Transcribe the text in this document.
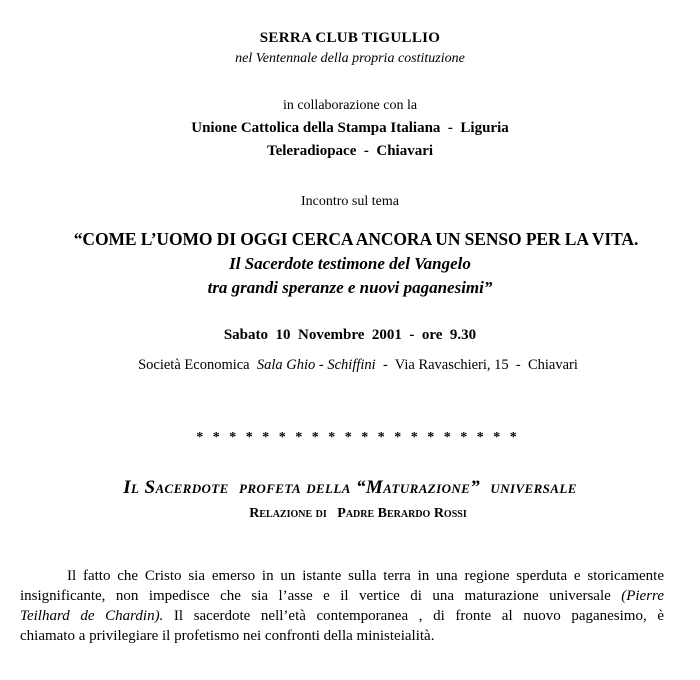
SERRA CLUB TIGULLIO
nel Ventennale della propria costituzione
in collaborazione con la
Unione Cattolica della Stampa Italiana  -  Liguria
Teleradiopace  -  Chiavari
Incontro sul tema
“COME L’UOMO DI OGGI CERCA ANCORA UN SENSO PER LA VITA.
Il Sacerdote testimone del Vangelo
tra grandi speranze e nuovi paganesimi”
Sabato  10  Novembre  2001  -  ore  9.30
Società Economica  Sala Ghio - Schiffini  -  Via Ravaschieri, 15  -  Chiavari
* * * * * * * * * * * * * * * * * * * *
Il Sacerdote  profeta della “Maturazione”  universale
Relazione di   Padre Berardo Rossi
Il fatto che Cristo sia emerso in un istante sulla terra in una regione sperduta e storicamente
insignificante, non impedisce che sia l’asse e il vertice di una maturazione universale (Pierre
Teilhard de Chardin). Il sacerdote nell’età contemporanea , di fronte al nuovo paganesimo, è
chiamato a privilegiare il profetismo nei confronti della ministeialità.
